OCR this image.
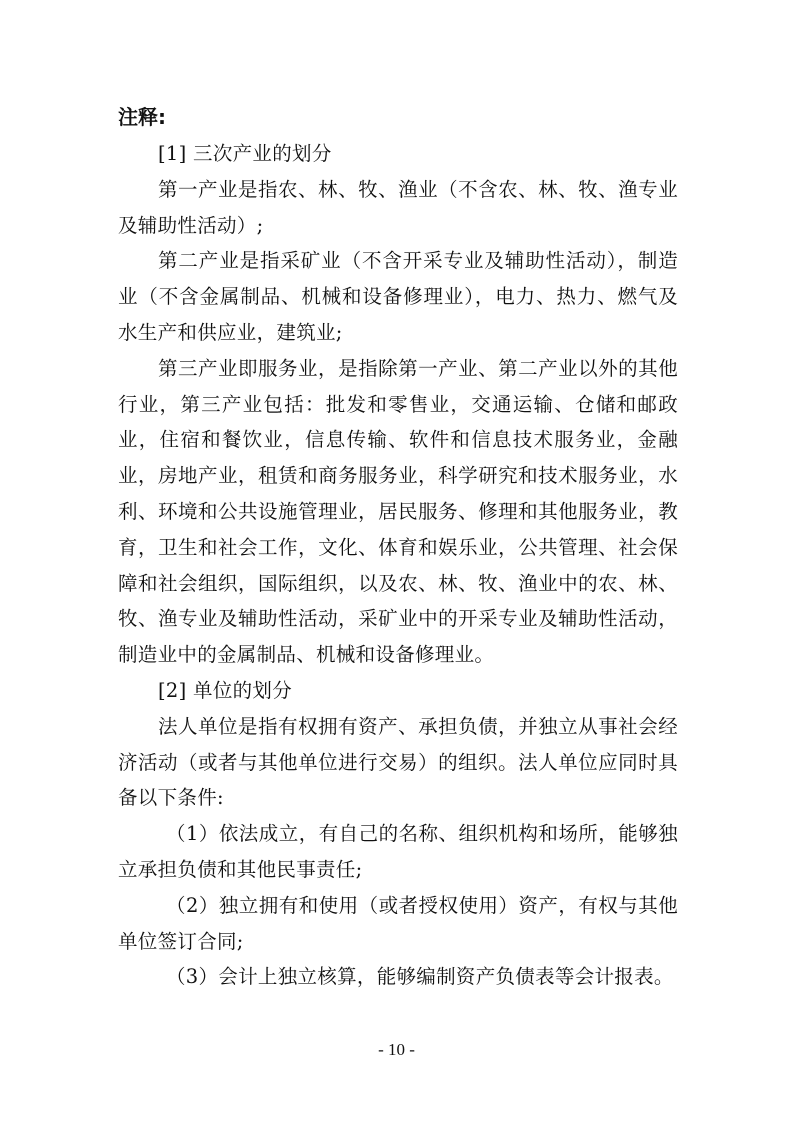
注释:

[1] 三次产业的划分

第一产业是指农、林、牧、渔业（不含农、林、牧、渔专业及辅助性活动）;

第二产业是指采矿业（不含开采专业及辅助性活动），制造业（不含金属制品、机械和设备修理业），电力、热力、燃气及水生产和供应业，建筑业;

第三产业即服务业，是指除第一产业、第二产业以外的其他行业，第三产业包括：批发和零售业，交通运输、仓储和邮政业，住宿和餐饮业，信息传输、软件和信息技术服务业，金融业，房地产业，租赁和商务服务业，科学研究和技术服务业，水利、环境和公共设施管理业，居民服务、修理和其他服务业，教育，卫生和社会工作，文化、体育和娱乐业，公共管理、社会保障和社会组织，国际组织，以及农、林、牧、渔业中的农、林、牧、渔专业及辅助性活动，采矿业中的开采专业及辅助性活动，制造业中的金属制品、机械和设备修理业。

[2] 单位的划分

法人单位是指有权拥有资产、承担负债，并独立从事社会经济活动（或者与其他单位进行交易）的组织。法人单位应同时具备以下条件:

（1）依法成立，有自己的名称、组织机构和场所，能够独立承担负债和其他民事责任;

（2）独立拥有和使用（或者授权使用）资产，有权与其他单位签订合同;

（3）会计上独立核算，能够编制资产负债表等会计报表。

- 10 -
